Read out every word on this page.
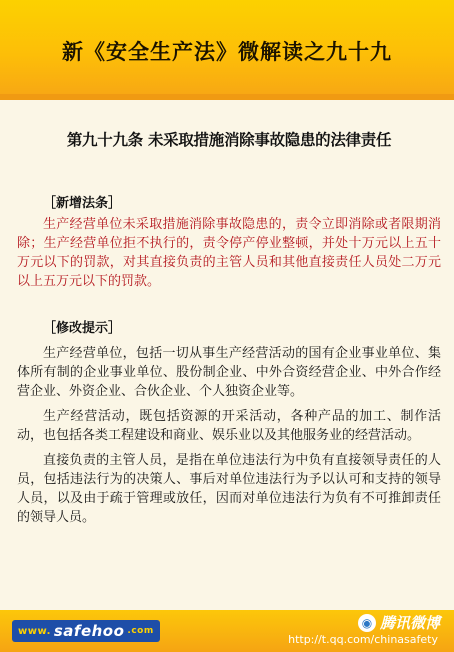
新《安全生产法》微解读之九十九
第九十九条 未采取措施消除事故隐患的法律责任
［新增法条］

生产经营单位未采取措施消除事故隐患的，责令立即消除或者限期消除；生产经营单位拒不执行的，责令停产停业整顿，并处十万元以上五十万元以下的罚款，对其直接负责的主管人员和其他直接责任人员处二万元以上五万元以下的罚款。

［修改提示］

生产经营单位，包括一切从事生产经营活动的国有企业事业单位、集体所有制的企业事业单位、股份制企业、中外合资经营企业、中外合作经营企业、外资企业、合伙企业、个人独资企业等。

生产经营活动，既包括资源的开采活动，各种产品的加工、制作活动，也包括各类工程建设和商业、娱乐业以及其他服务业的经营活动。

直接负责的主管人员，是指在单位违法行为中负有直接领导责任的人员，包括违法行为的决策人、事后对单位违法行为予以认可和支持的领导人员，以及由于疏于管理或放任，因而对单位违法行为负有不可推卸责任的领导人员。

www. safehoo .com
◉ 腾讯微博
http://t.qq.com/chinasafety
